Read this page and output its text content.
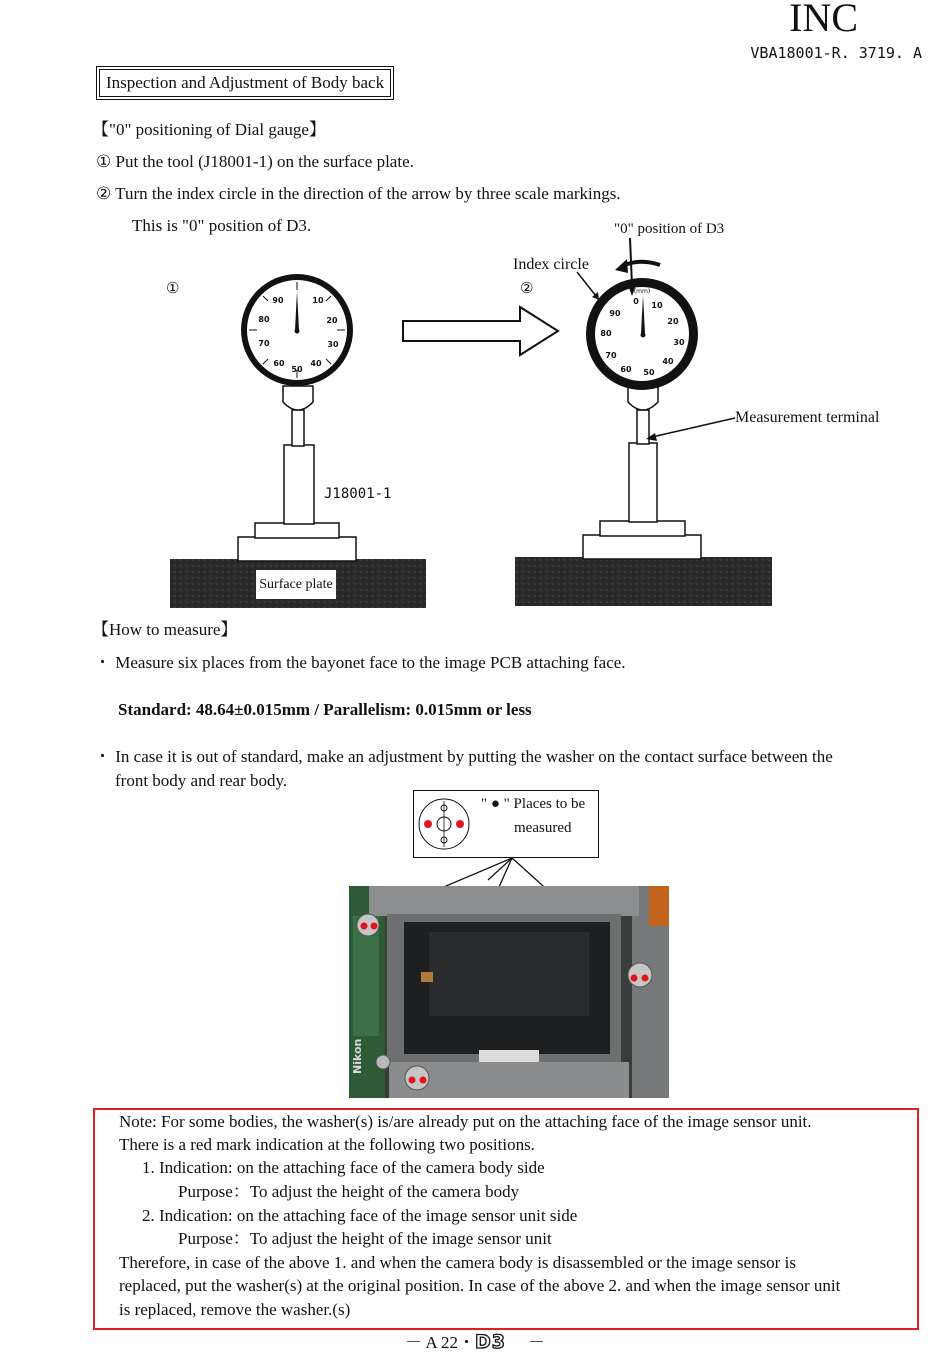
INC
VBA18001-R. 3719. A
Inspection and Adjustment of Body back
【"0" positioning of Dial gauge】
① Put the tool (J18001-1) on the surface plate.
② Turn the index circle in the direction of the arrow by three scale markings.
This is "0" position of D3.
90	10
80	20
70	30
60
50
40
0 10
90
20
80
30
70
40
60 50
(mm)
①	②
"0" position of D3
Index circle
Measurement terminal
J18001-1
Surface plate
【How to measure】
・ Measure six places from the bayonet face to the image PCB attaching face.
Standard: 48.64±0.015mm / Parallelism: 0.015mm or less
・ In case it is out of standard, make an adjustment by putting the washer on the contact surface between the
front body and rear body.
" ● " Places to be
measured
Nikon
Note: For some bodies, the washer(s) is/are already put on the attaching face of the image sensor unit.
There is a red mark indication at the following two positions.
1. Indication: on the attaching face of the camera body side
Purpose：To adjust the height of the camera body
2. Indication: on the attaching face of the image sensor unit side
Purpose：To adjust the height of the image sensor unit
Therefore, in case of the above 1. and when the camera body is disassembled or the image sensor is
replaced, put the washer(s) at the original position. In case of the above 2. and when the image sensor unit
is replaced, remove the washer.(s)
－ A 22・D3 －
